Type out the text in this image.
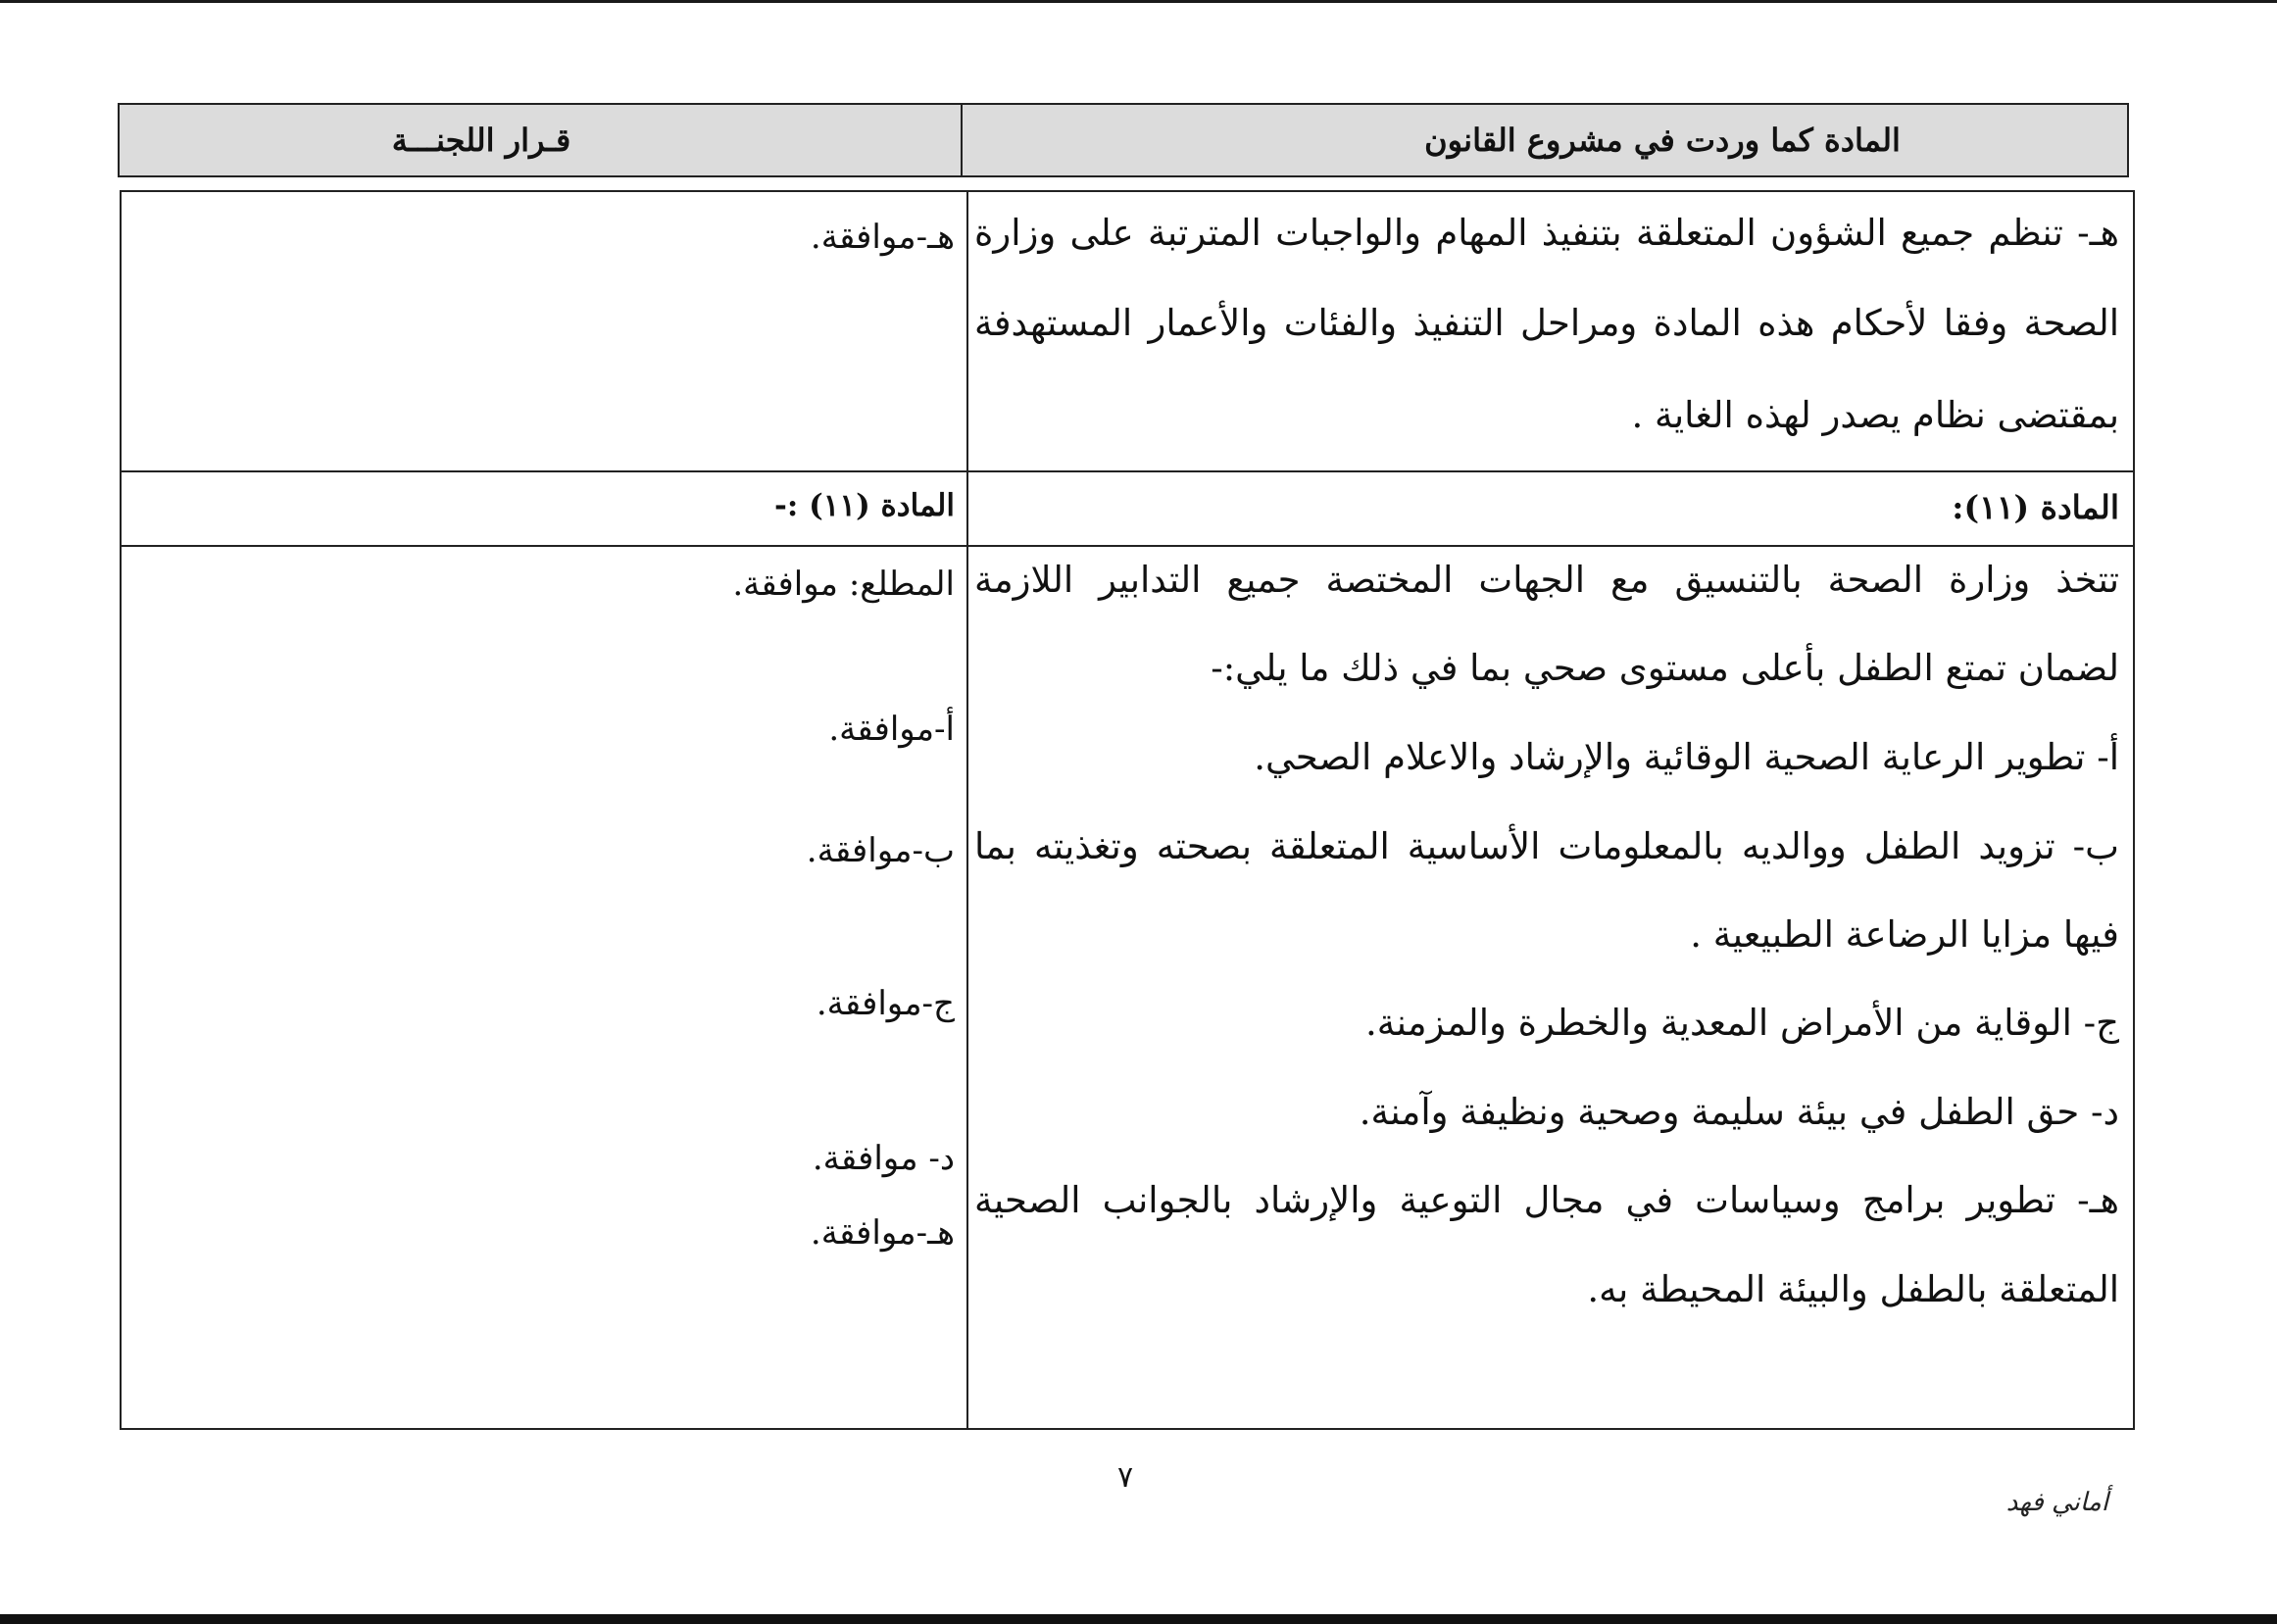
المادة كما وردت في مشروع القانون
قـرار اللجنـــة
هـ- تنظم جميع الشؤون المتعلقة بتنفيذ المهام والواجبات المترتبة على وزارة
الصحة وفقا لأحكام هذه المادة ومراحل التنفيذ والفئات والأعمار المستهدفة
بمقتضى نظام يصدر لهذه الغاية .
هـ-موافقة.
المادة (١١):
المادة (١١) :-
تتخذ وزارة الصحة بالتنسيق مع الجهات المختصة جميع التدابير اللازمة
لضمان تمتع الطفل بأعلى مستوى صحي بما في ذلك ما يلي:-
أ- تطوير الرعاية الصحية الوقائية والإرشاد والاعلام الصحي.
ب- تزويد الطفل ووالديه بالمعلومات الأساسية المتعلقة بصحته وتغذيته بما
فيها مزايا الرضاعة الطبيعية .
ج- الوقاية من الأمراض المعدية والخطرة والمزمنة.
د- حق الطفل في بيئة سليمة وصحية ونظيفة وآمنة.
هـ- تطوير برامج وسياسات في مجال التوعية والإرشاد بالجوانب الصحية
المتعلقة بالطفل والبيئة المحيطة به.
المطلع: موافقة.
أ-موافقة.
ب-موافقة.
ج-موافقة.
د- موافقة.
هـ-موافقة.
٧
أماني فهد
